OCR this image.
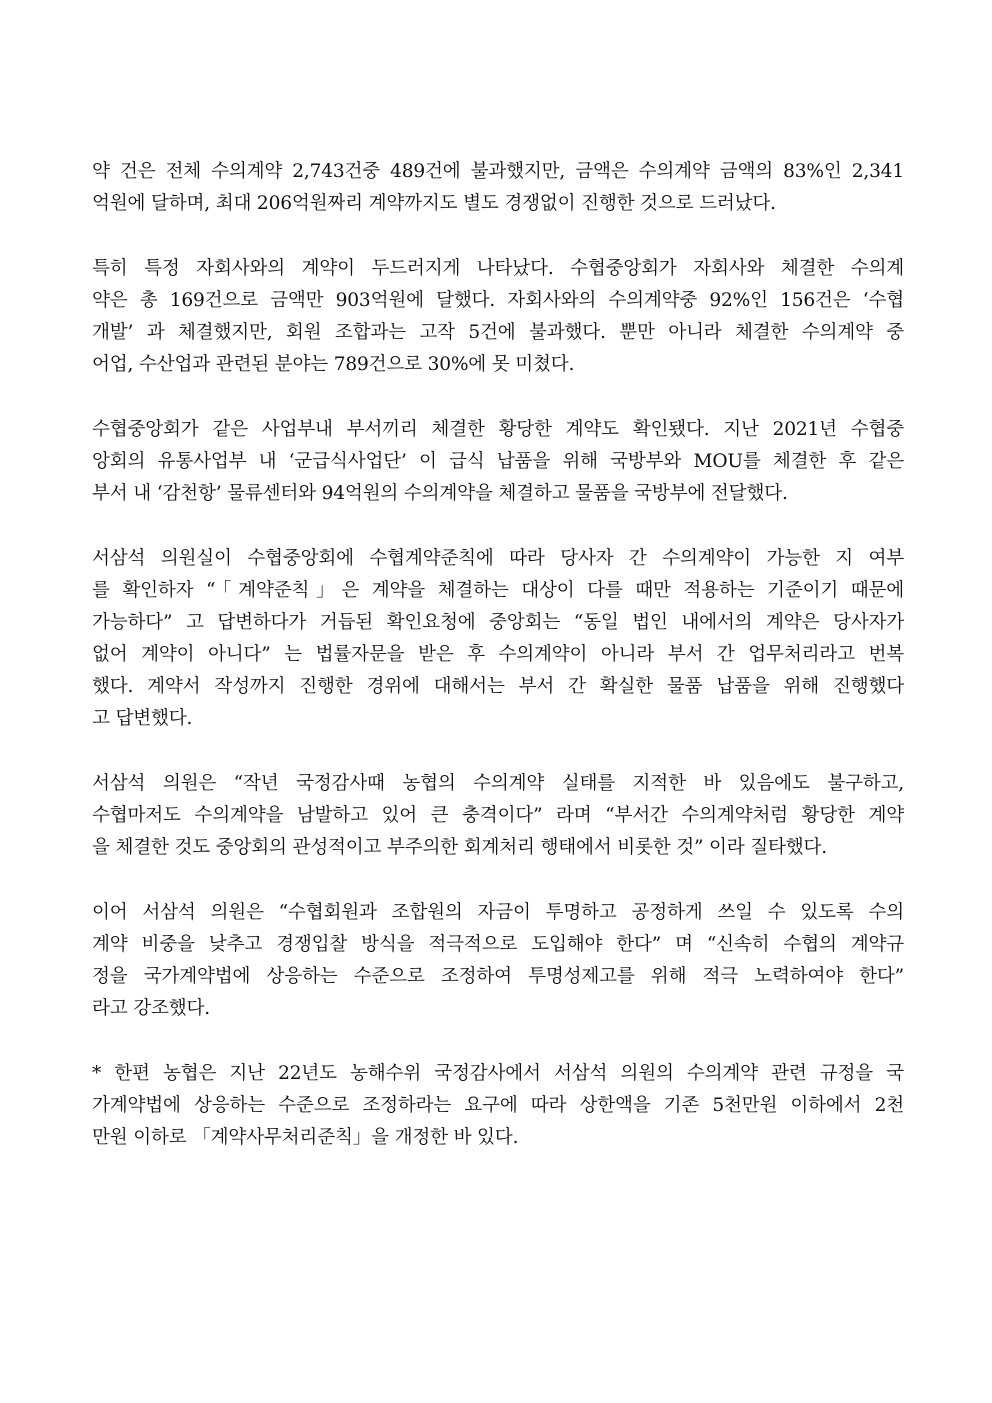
약 건은 전체 수의계약 2,743건중 489건에 불과했지만, 금액은 수의계약 금액의 83%인 2,341
억원에 달하며, 최대 206억원짜리 계약까지도 별도 경쟁없이 진행한 것으로 드러났다.

특히 특정 자회사와의 계약이 두드러지게 나타났다. 수협중앙회가 자회사와 체결한 수의계
약은 총 169건으로 금액만 903억원에 달했다. 자회사와의 수의계약중 92%인 156건은 ‘수협
개발’ 과 체결했지만, 회원 조합과는 고작 5건에 불과했다. 뿐만 아니라 체결한 수의계약 중
어업, 수산업과 관련된 분야는 789건으로 30%에 못 미쳤다.

수협중앙회가 같은 사업부내 부서끼리 체결한 황당한 계약도 확인됐다. 지난 2021년 수협중
앙회의 유통사업부 내 ‘군급식사업단’ 이 급식 납품을 위해 국방부와 MOU를 체결한 후 같은
부서 내 ‘감천항’ 물류센터와 94억원의 수의계약을 체결하고 물품을 국방부에 전달했다.

서삼석 의원실이 수협중앙회에 수협계약준칙에 따라 당사자 간 수의계약이 가능한 지 여부
를 확인하자 “「계약준칙」은 계약을 체결하는 대상이 다를 때만 적용하는 기준이기 때문에
가능하다” 고 답변하다가 거듭된 확인요청에 중앙회는 “동일 법인 내에서의 계약은 당사자가
없어 계약이 아니다” 는 법률자문을 받은 후 수의계약이 아니라 부서 간 업무처리라고 번복
했다. 계약서 작성까지 진행한 경위에 대해서는 부서 간 확실한 물품 납품을 위해 진행했다
고 답변했다.

서삼석 의원은 “작년 국정감사때 농협의 수의계약 실태를 지적한 바 있음에도 불구하고,
수협마저도 수의계약을 남발하고 있어 큰 충격이다” 라며 “부서간 수의계약처럼 황당한 계약
을 체결한 것도 중앙회의 관성적이고 부주의한 회계처리 행태에서 비롯한 것” 이라 질타했다.

이어 서삼석 의원은 “수협회원과 조합원의 자금이 투명하고 공정하게 쓰일 수 있도록 수의
계약 비중을 낮추고 경쟁입찰 방식을 적극적으로 도입해야 한다” 며 “신속히 수협의 계약규
정을 국가계약법에 상응하는 수준으로 조정하여 투명성제고를 위해 적극 노력하여야 한다”
라고 강조했다.

* 한편 농협은 지난 22년도 농해수위 국정감사에서 서삼석 의원의 수의계약 관련 규정을 국
가계약법에 상응하는 수준으로 조정하라는 요구에 따라 상한액을 기존 5천만원 이하에서 2천
만원 이하로 「계약사무처리준칙」을 개정한 바 있다.
